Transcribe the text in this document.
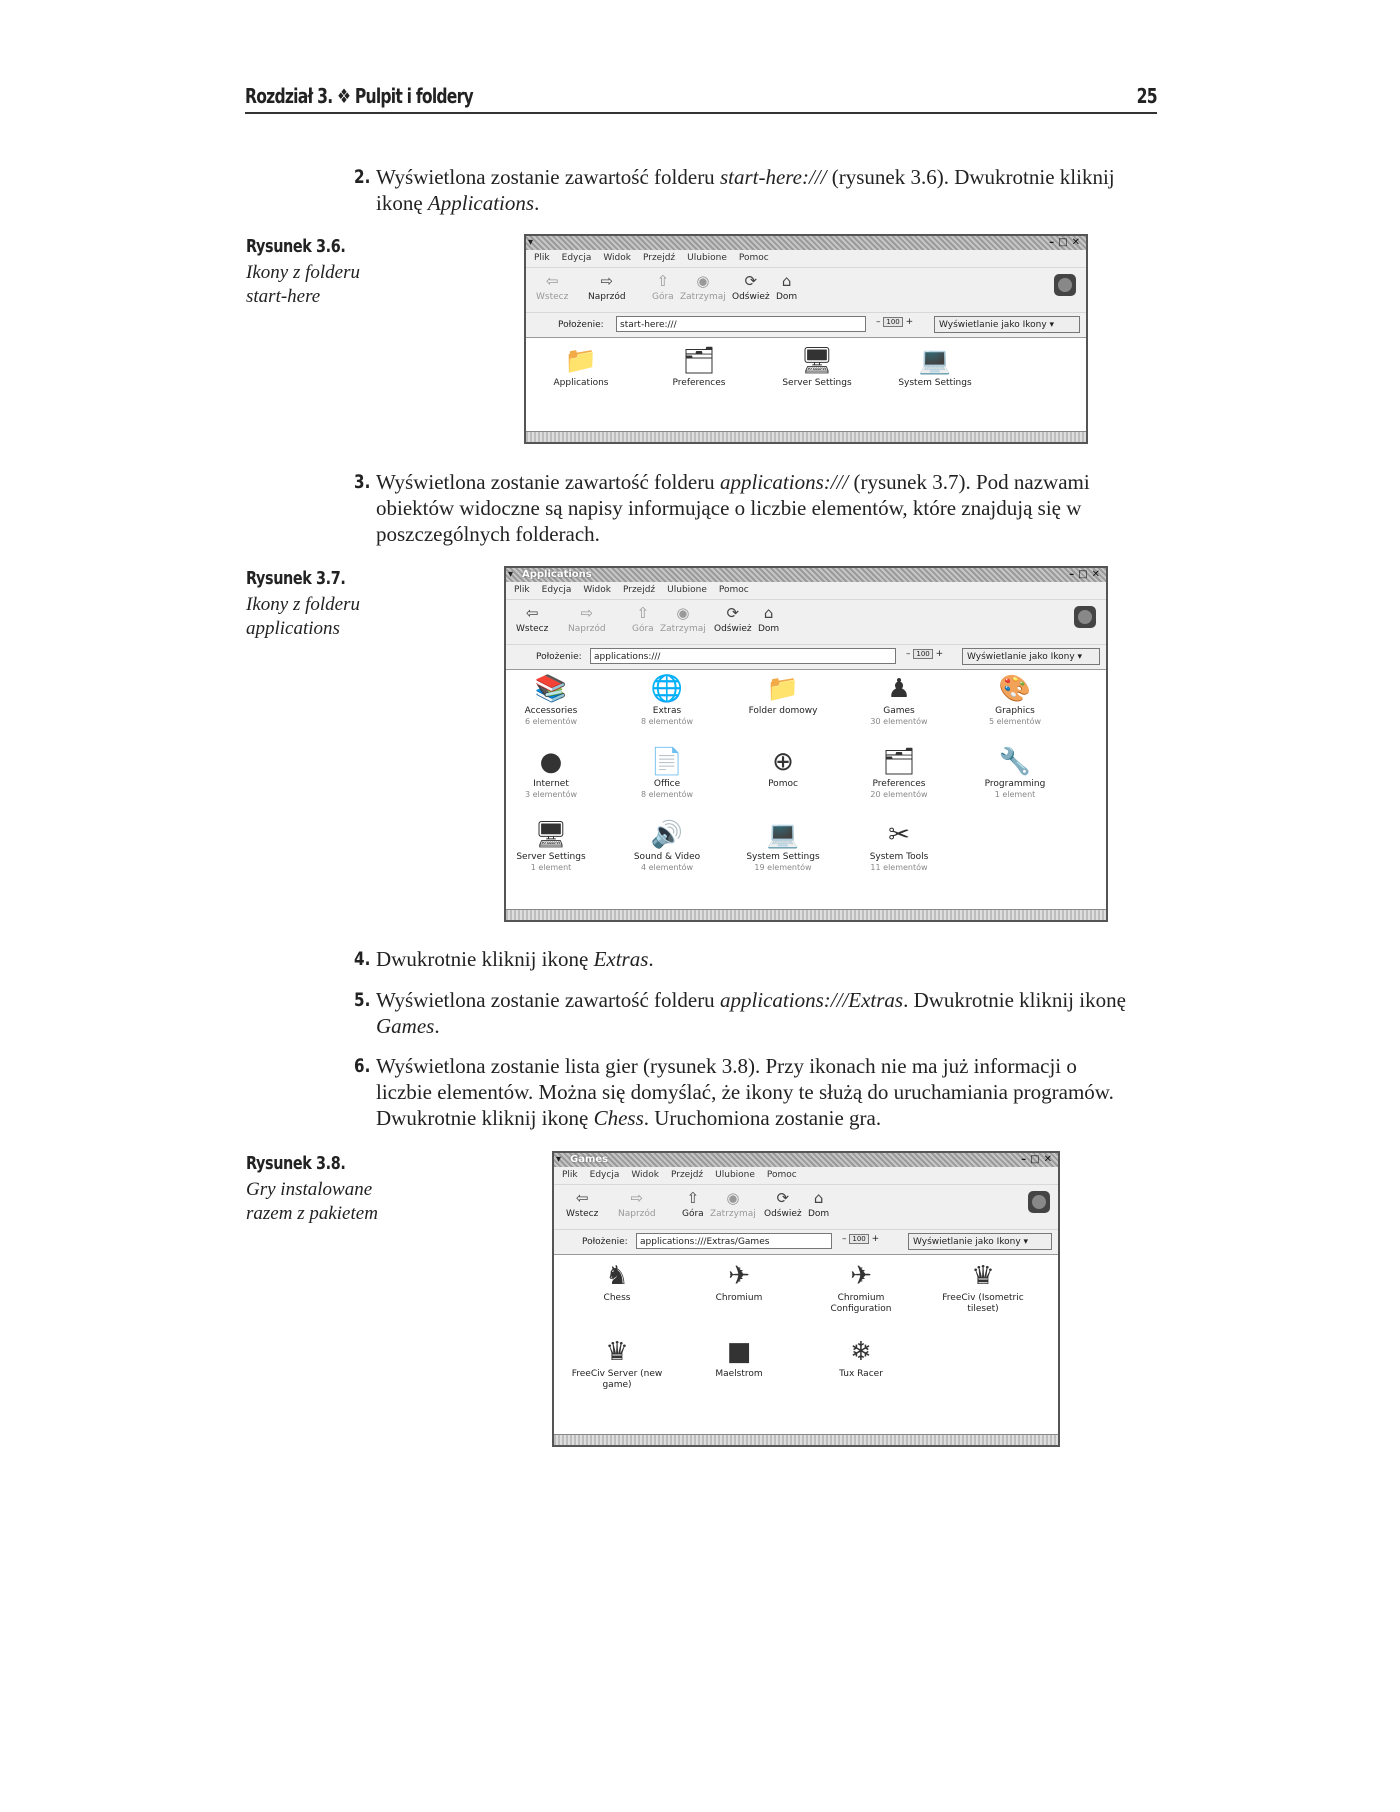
Rozdział 3. ❖ Pulpit i foldery	25
2. Wyświetlona zostanie zawartość folderu start-here:/// (rysunek 3.6). Dwukrotnie kliknij ikonę Applications.
Rysunek 3.6.
Ikony z folderu start-here
▾	–□✕
Plik Edycja Widok Przejdź Ulubione Pomoc
⇦
Wstecz
⇨
Naprzód
⇧
Góra
◉
Zatrzymaj
⟳
Odśwież
⌂
Dom
Położenie:	start-here:///	– 100 +	Wyświetlanie jako Ikony ▾
📁
Applications
🗂
Preferences
🖥
Server Settings
💻
System Settings
3. Wyświetlona zostanie zawartość folderu applications:/// (rysunek 3.7). Pod nazwami obiektów widoczne są napisy informujące o liczbie elementów, które znajdują się w poszczególnych folderach.
Rysunek 3.7.
Ikony z folderu applications
▾ Applications	–□✕
Plik Edycja Widok Przejdź Ulubione Pomoc
⇦
Wstecz
⇨
Naprzód
⇧
Góra
◉
Zatrzymaj
⟳
Odśwież
⌂
Dom
Położenie:	applications:///	– 100 +	Wyświetlanie jako Ikony ▾
📚
Accessories
6 elementów
🌐
Extras
8 elementów
📁
Folder domowy
♟
Games
30 elementów
🎨
Graphics
5 elementów
●
Internet
3 elementów
📄
Office
8 elementów
⊕
Pomoc
🗂
Preferences
20 elementów
🔧
Programming
1 element
🖥
Server Settings
1 element
🔊
Sound & Video
4 elementów
💻
System Settings
19 elementów
✂
System Tools
11 elementów
4. Dwukrotnie kliknij ikonę Extras.
5. Wyświetlona zostanie zawartość folderu applications:///Extras. Dwukrotnie kliknij ikonę Games.
6. Wyświetlona zostanie lista gier (rysunek 3.8). Przy ikonach nie ma już informacji o liczbie elementów. Można się domyślać, że ikony te służą do uruchamiania programów. Dwukrotnie kliknij ikonę Chess. Uruchomiona zostanie gra.
Rysunek 3.8.
Gry instalowane razem z pakietem
▾ Games	–□✕
Plik Edycja Widok Przejdź Ulubione Pomoc
⇦
Wstecz
⇨
Naprzód
⇧
Góra
◉
Zatrzymaj
⟳
Odśwież
⌂
Dom
Położenie:	applications:///Extras/Games	– 100 +	Wyświetlanie jako Ikony ▾
♞
Chess
✈
Chromium
✈
Chromium Configuration
♛
FreeCiv (Isometric tileset)
♛
FreeCiv Server (new game)
■
Maelstrom
❄
Tux Racer
